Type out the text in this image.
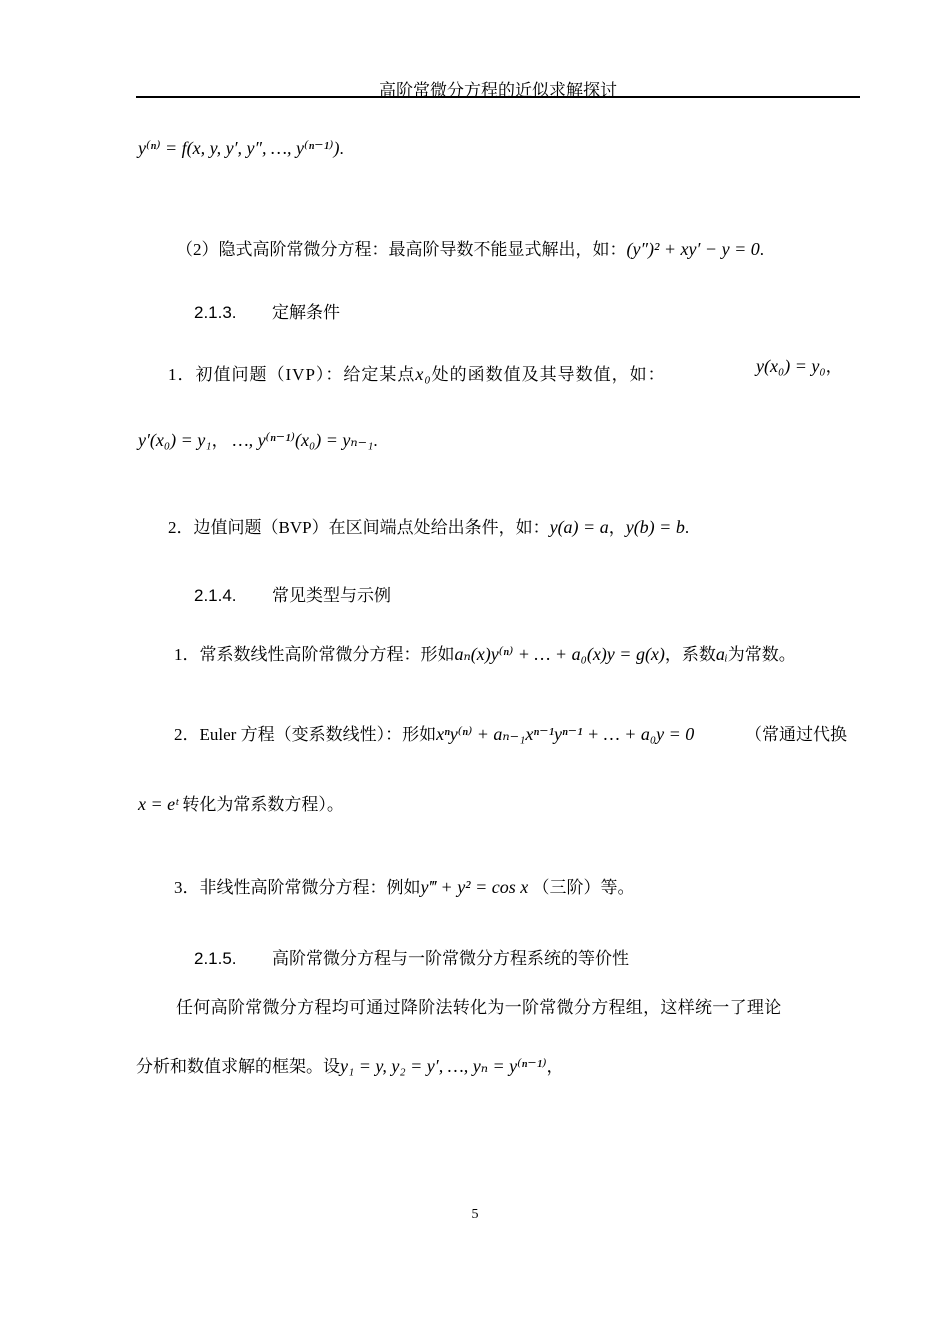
高阶常微分方程的近似求解探讨
y⁽ⁿ⁾ = f(x, y, y′, y″, …, y⁽ⁿ⁻¹⁾).
（2）隐式高阶常微分方程：最高阶导数不能显式解出，如：(y″)² + xy′ − y = 0.
2.1.3. 定解条件
1．初值问题（IVP）：给定某点x₀处的函数值及其导数值，如：	y(x₀) = y₀，
y′(x₀) = y₁， …, y⁽ⁿ⁻¹⁾(x₀) = yₙ₋₁.
2．边值问题（BVP）在区间端点处给出条件，如：y(a) = a，y(b) = b.
2.1.4. 常见类型与示例
1．常系数线性高阶常微分方程：形如aₙ(x)y⁽ⁿ⁾ + … + a₀(x)y = g(x)，系数aᵢ为常数。
2．Euler 方程（变系数线性）：形如xⁿy⁽ⁿ⁾ + aₙ₋₁xⁿ⁻¹yⁿ⁻¹ + … + a₀y = 0	（常通过代换
x = eᵗ 转化为常系数方程）。
3．非线性高阶常微分方程：例如y‴ + y² = cos x （三阶）等。
2.1.5. 高阶常微分方程与一阶常微分方程系统的等价性
任何高阶常微分方程均可通过降阶法转化为一阶常微分方程组，这样统一了理论
分析和数值求解的框架。设y₁ = y, y₂ = y′, …, yₙ = y⁽ⁿ⁻¹⁾，
5
